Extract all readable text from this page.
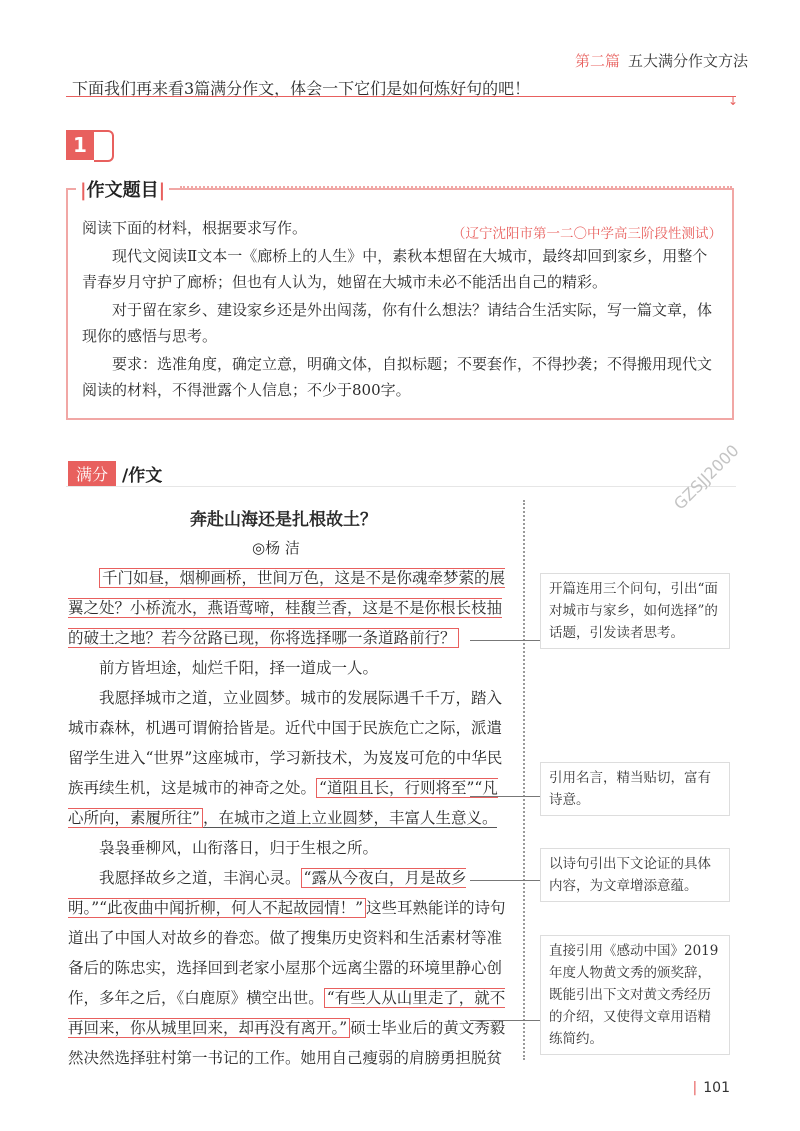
第二篇 五大满分作文方法
下面我们再来看3篇满分作文，体会一下它们是如何炼好句的吧！
↓
1
|作文题目|
阅读下面的材料，根据要求写作。	（辽宁沈阳市第一二〇中学高三阶段性测试）
现代文阅读Ⅱ文本一《廊桥上的人生》中，素秋本想留在大城市，最终却回到家乡，用整个青春岁月守护了廊桥；但也有人认为，她留在大城市未必不能活出自己的精彩。
对于留在家乡、建设家乡还是外出闯荡，你有什么想法？请结合生活实际，写一篇文章，体现你的感悟与思考。
要求：选准角度，确定立意，明确文体，自拟标题；不要套作，不得抄袭；不得搬用现代文阅读的材料，不得泄露个人信息；不少于800字。
满分 /作文
奔赴山海还是扎根故土？
◎杨 洁

千门如昼，烟柳画桥，世间万色，这是不是你魂牵梦萦的展翼之处？小桥流水，燕语莺啼，桂馥兰香，这是不是你根长枝抽的破土之地？若今岔路已现，你将选择哪一条道路前行？

前方皆坦途，灿烂千阳，择一道成一人。

我愿择城市之道，立业圆梦。城市的发展际遇千千万，踏入城市森林，机遇可谓俯拾皆是。近代中国于民族危亡之际，派遣留学生进入“世界”这座城市，学习新技术，为岌岌可危的中华民族再续生机，这是城市的神奇之处。 “道阻且长，行则将至”“凡心所向，素履所往” ，在城市之道上立业圆梦，丰富人生意义。

袅袅垂柳风，山衔落日，归于生根之所。

我愿择故乡之道，丰润心灵。 “露从今夜白，月是故乡明。”“此夜曲中闻折柳，何人不起故园情！” 这些耳熟能详的诗句道出了中国人对故乡的眷恋。做了搜集历史资料和生活素材等准备后的陈忠实，选择回到老家小屋那个远离尘嚣的环境里静心创作，多年之后，《白鹿原》横空出世。 “有些人从山里走了，就不再回来，你从城里回来，却再没有离开。” 硕士毕业后的黄文秀毅然决然选择驻村第一书记的工作。她用自己瘦弱的肩膀勇担脱贫

开篇连用三个问句，引出“面对城市与家乡，如何选择”的话题，引发读者思考。
引用名言，精当贴切，富有诗意。
以诗句引出下文论证的具体内容，为文章增添意蕴。
直接引用《感动中国》2019年度人物黄文秀的颁奖辞，既能引出下文对黄文秀经历的介绍，又使得文章用语精练简约。
GZSJJ2000
| 101
